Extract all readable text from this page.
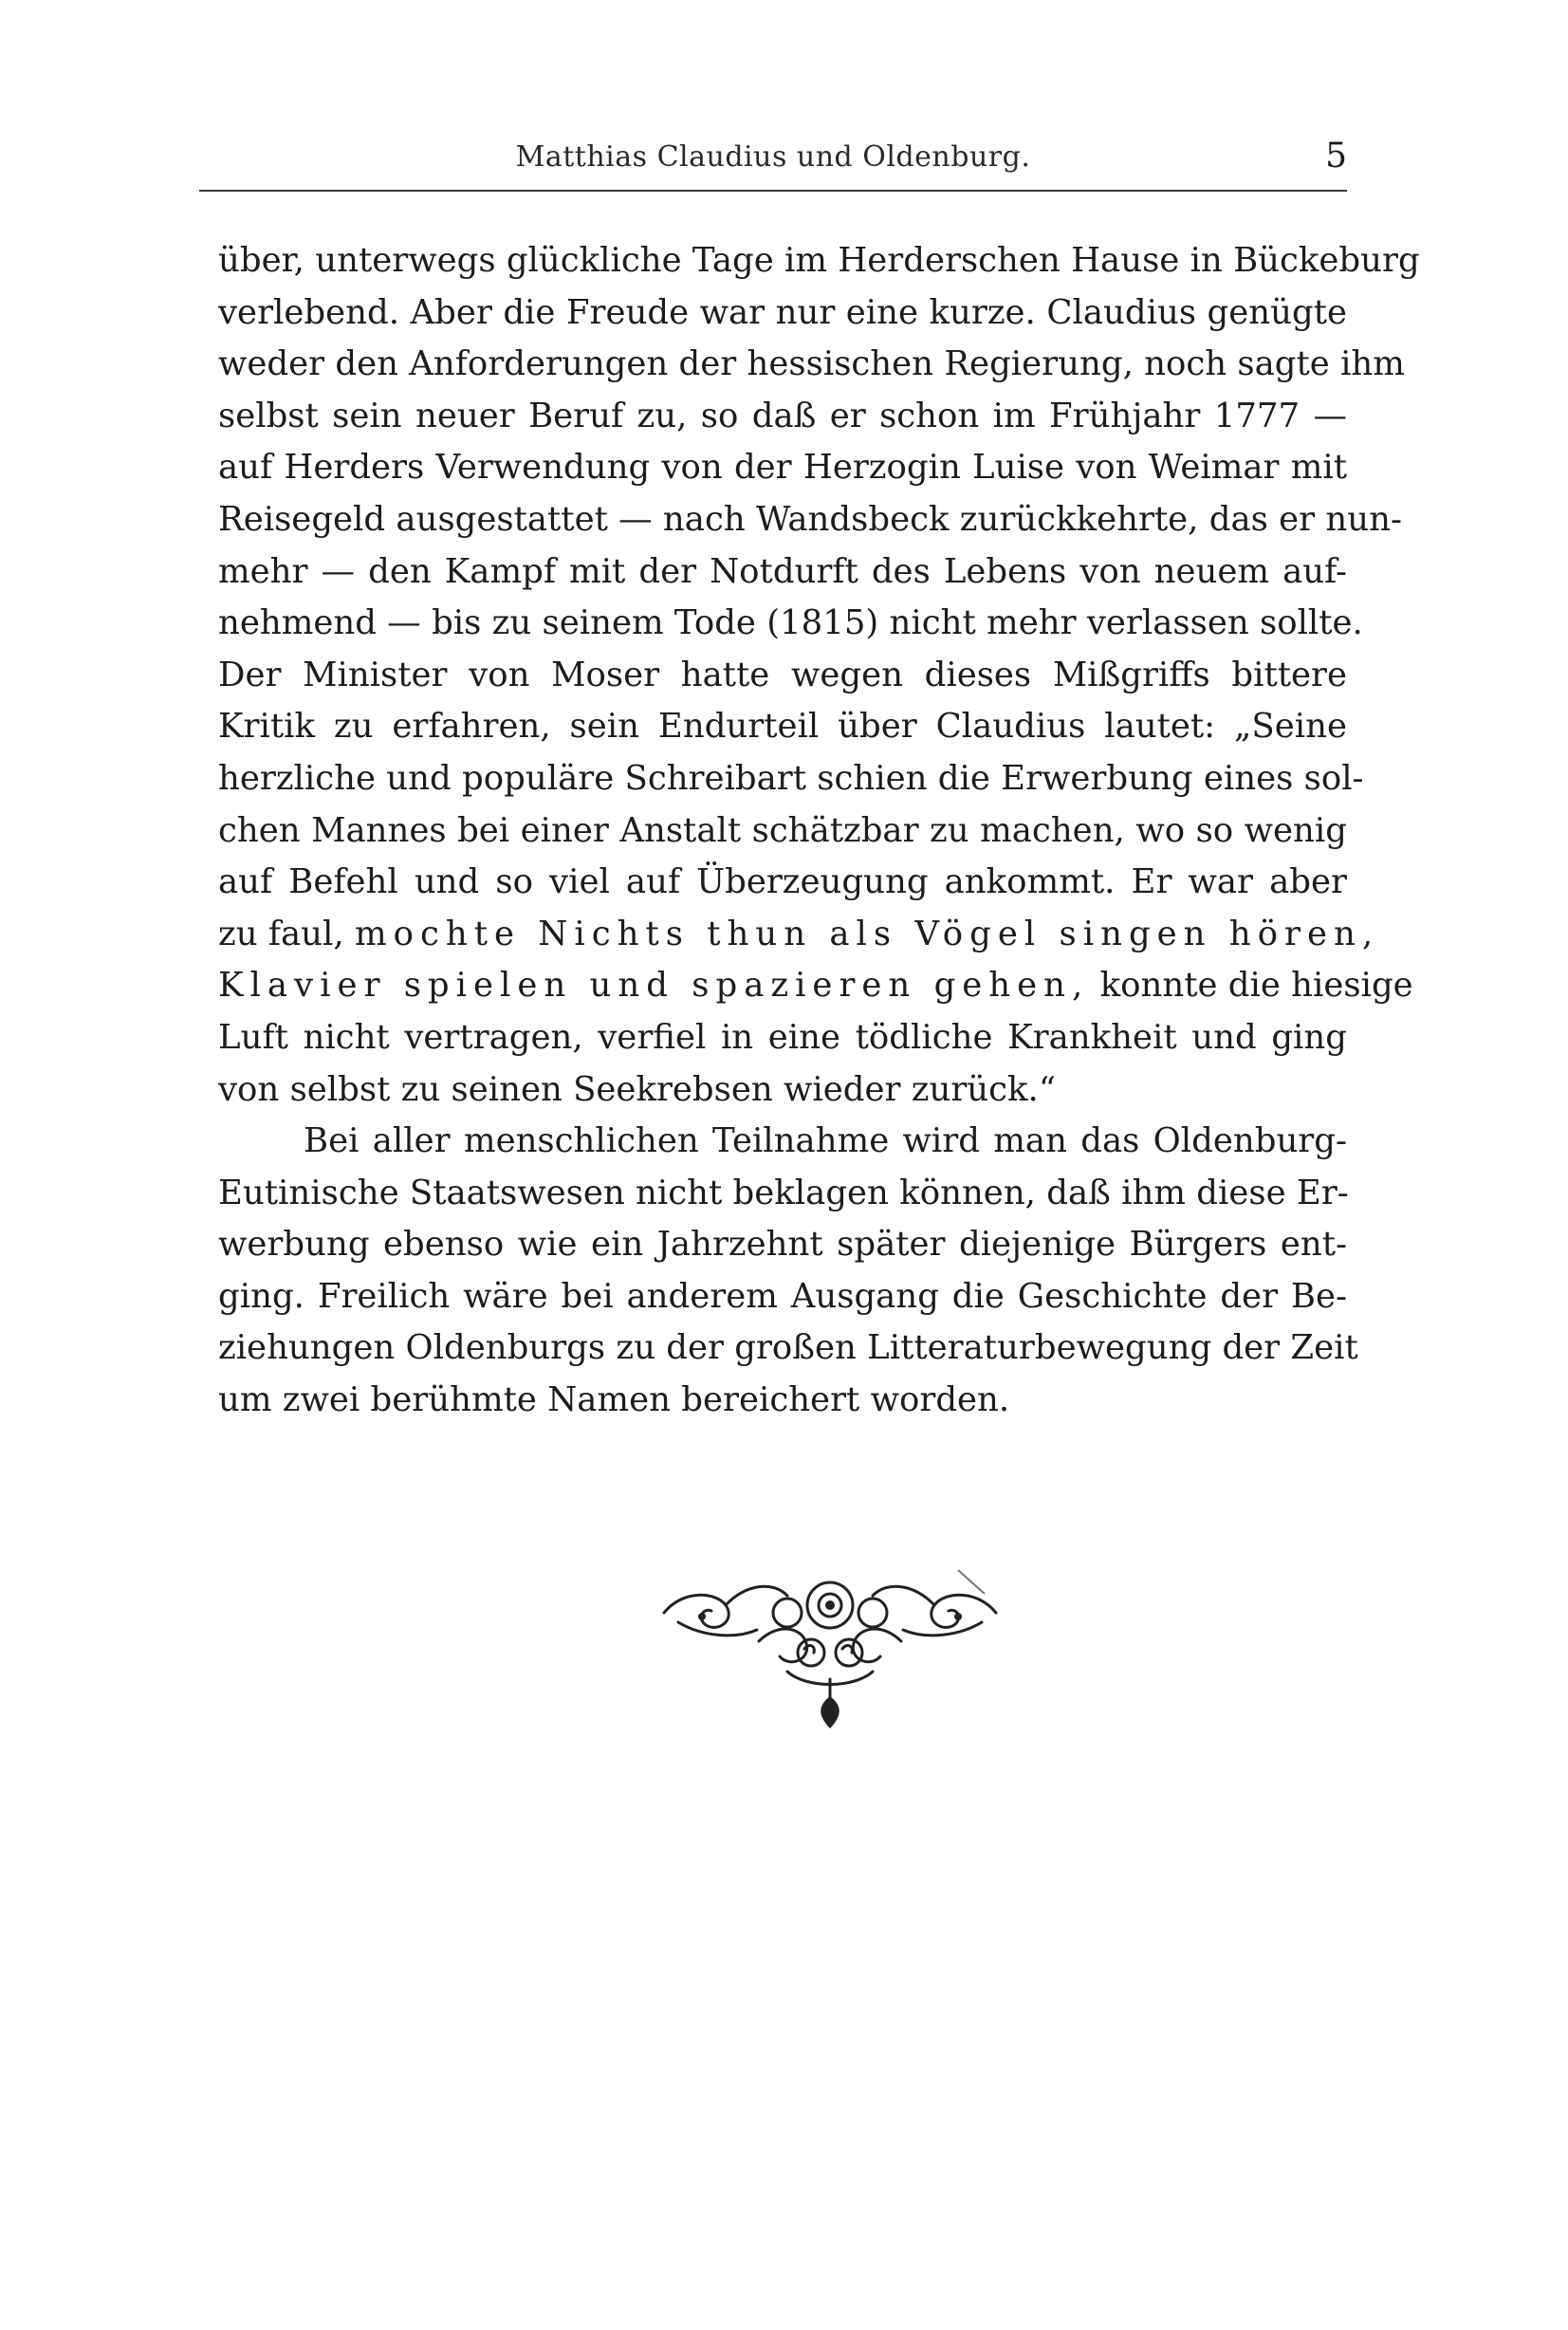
Matthias Claudius und Oldenburg.	5
über, unterwegs glückliche Tage im Herderschen Hause in Bückeburg
verlebend. Aber die Freude war nur eine kurze. Claudius genügte
weder den Anforderungen der hessischen Regierung, noch sagte ihm
selbst sein neuer Beruf zu, so daß er schon im Frühjahr 1777 —
auf Herders Verwendung von der Herzogin Luise von Weimar mit
Reisegeld ausgestattet — nach Wandsbeck zurückkehrte, das er nun-
mehr — den Kampf mit der Notdurft des Lebens von neuem auf-
nehmend — bis zu seinem Tode (1815) nicht mehr verlassen sollte.
Der Minister von Moser hatte wegen dieses Mißgriffs bittere
Kritik zu erfahren, sein Endurteil über Claudius lautet: „Seine
herzliche und populäre Schreibart schien die Erwerbung eines sol-
chen Mannes bei einer Anstalt schätzbar zu machen, wo so wenig
auf Befehl und so viel auf Überzeugung ankommt. Er war aber
zu faul, mochte Nichts thun als Vögel singen hören,
Klavier spielen und spazieren gehen, konnte die hiesige
Luft nicht vertragen, verfiel in eine tödliche Krankheit und ging
von selbst zu seinen Seekrebsen wieder zurück.“
Bei aller menschlichen Teilnahme wird man das Oldenburg-
Eutinische Staatswesen nicht beklagen können, daß ihm diese Er-
werbung ebenso wie ein Jahrzehnt später diejenige Bürgers ent-
ging. Freilich wäre bei anderem Ausgang die Geschichte der Be-
ziehungen Oldenburgs zu der großen Litteraturbewegung der Zeit
um zwei berühmte Namen bereichert worden.
